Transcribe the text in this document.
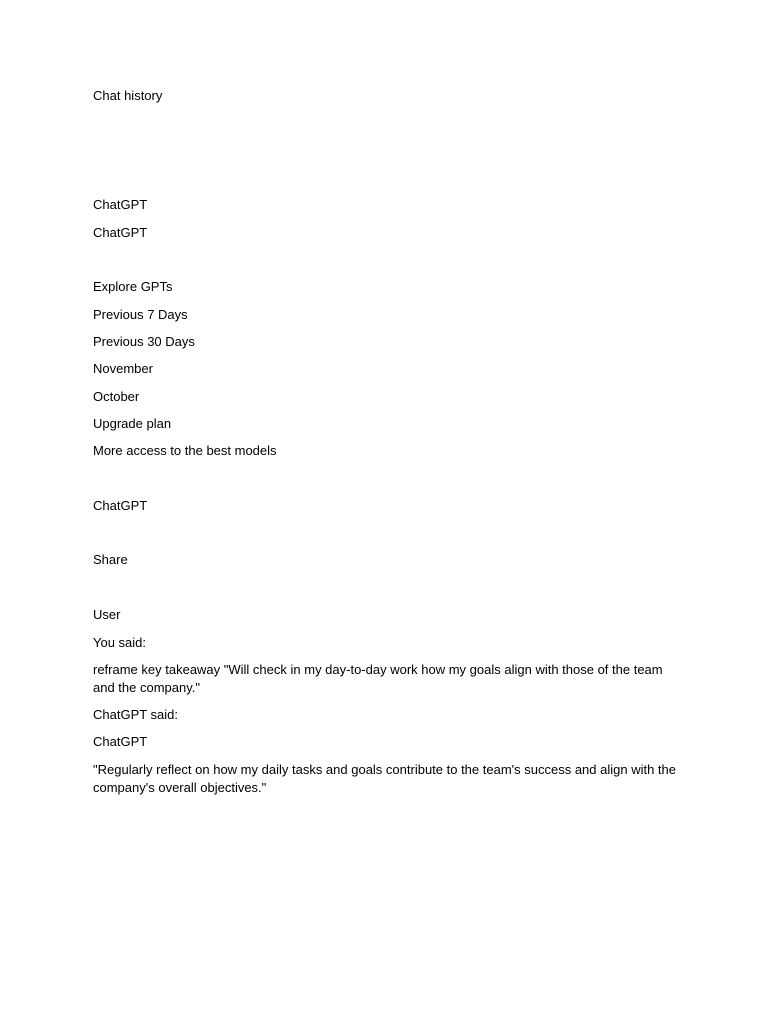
Chat history
ChatGPT
ChatGPT
Explore GPTs
Previous 7 Days
Previous 30 Days
November
October
Upgrade plan
More access to the best models
ChatGPT
Share
User
You said:
reframe key takeaway "Will check in my day-to-day work how my goals align with those of the team and the company."
ChatGPT said:
ChatGPT
"Regularly reflect on how my daily tasks and goals contribute to the team's success and align with the company's overall objectives."
